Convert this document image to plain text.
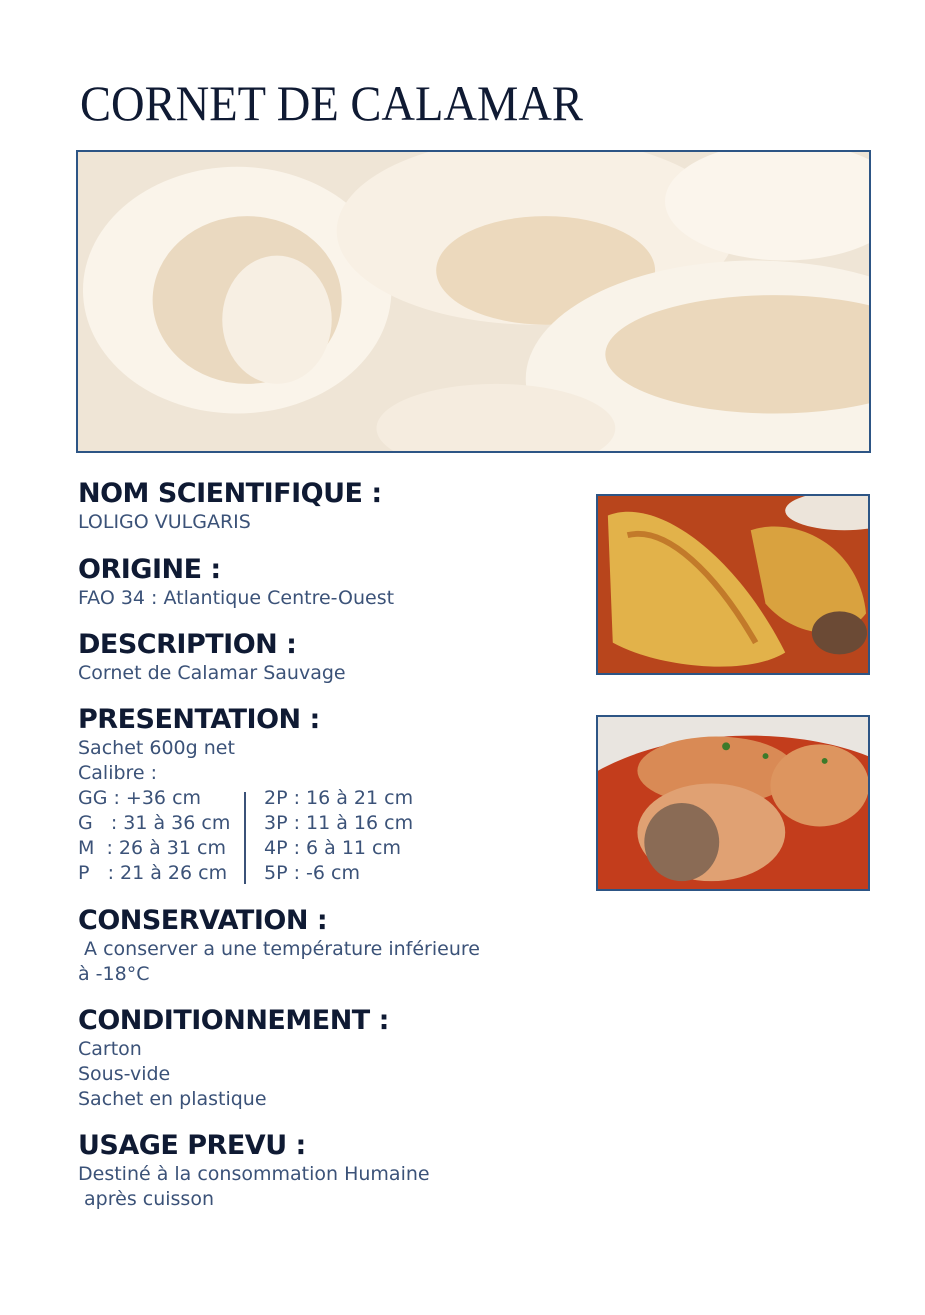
CORNET DE CALAMAR
NOM SCIENTIFIQUE :
LOLIGO VULGARIS
ORIGINE :
FAO 34 : Atlantique Centre-Ouest
DESCRIPTION :
Cornet de Calamar Sauvage
PRESENTATION :
Sachet 600g net
Calibre :
GG : +36 cm
G   : 31 à 36 cm
M  : 26 à 31 cm
P   : 21 à 26 cm
2P : 16 à 21 cm
3P : 11 à 16 cm
4P : 6 à 11 cm
5P : -6 cm
CONSERVATION :
A conserver a une température inférieure
à -18°C
CONDITIONNEMENT :
Carton
Sous-vide
Sachet en plastique
USAGE PREVU :
Destiné à la consommation Humaine
après cuisson
